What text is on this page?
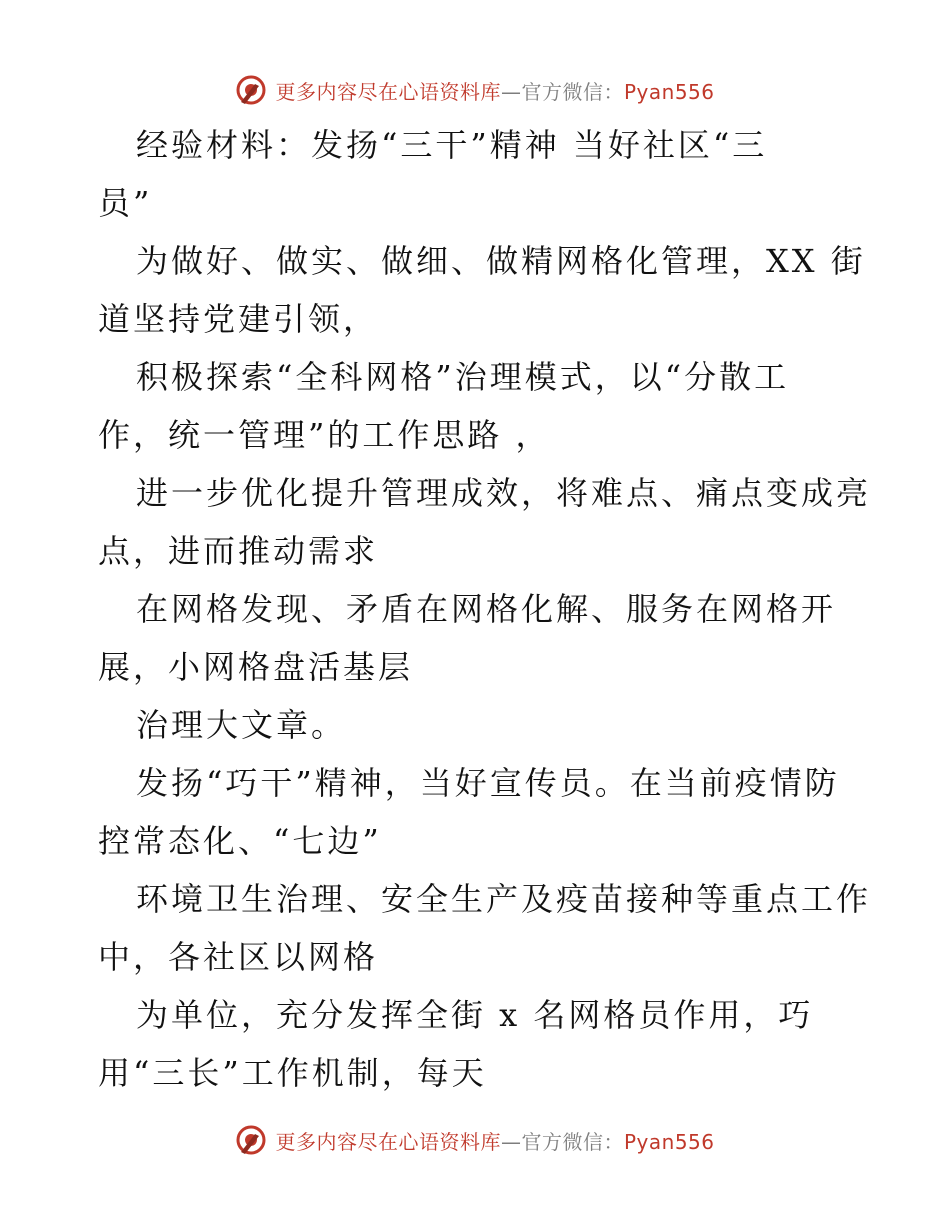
更多内容尽在心语资料库—官方微信：Pyan556
经验材料：发扬“三干”精神 当好社区“三
员”
为做好、做实、做细、做精网格化管理，XX 街
道坚持党建引领，
积极探索“全科网格”治理模式，以“分散工
作，统一管理”的工作思路 ，
进一步优化提升管理成效，将难点、痛点变成亮
点，进而推动需求
在网格发现、矛盾在网格化解、服务在网格开
展，小网格盘活基层
治理大文章。
发扬“巧干”精神，当好宣传员。在当前疫情防
控常态化、“七边”
环境卫生治理、安全生产及疫苗接种等重点工作
中，各社区以网格
为单位，充分发挥全街 x 名网格员作用，巧
用“三长”工作机制，每天
更多内容尽在心语资料库—官方微信：Pyan556
